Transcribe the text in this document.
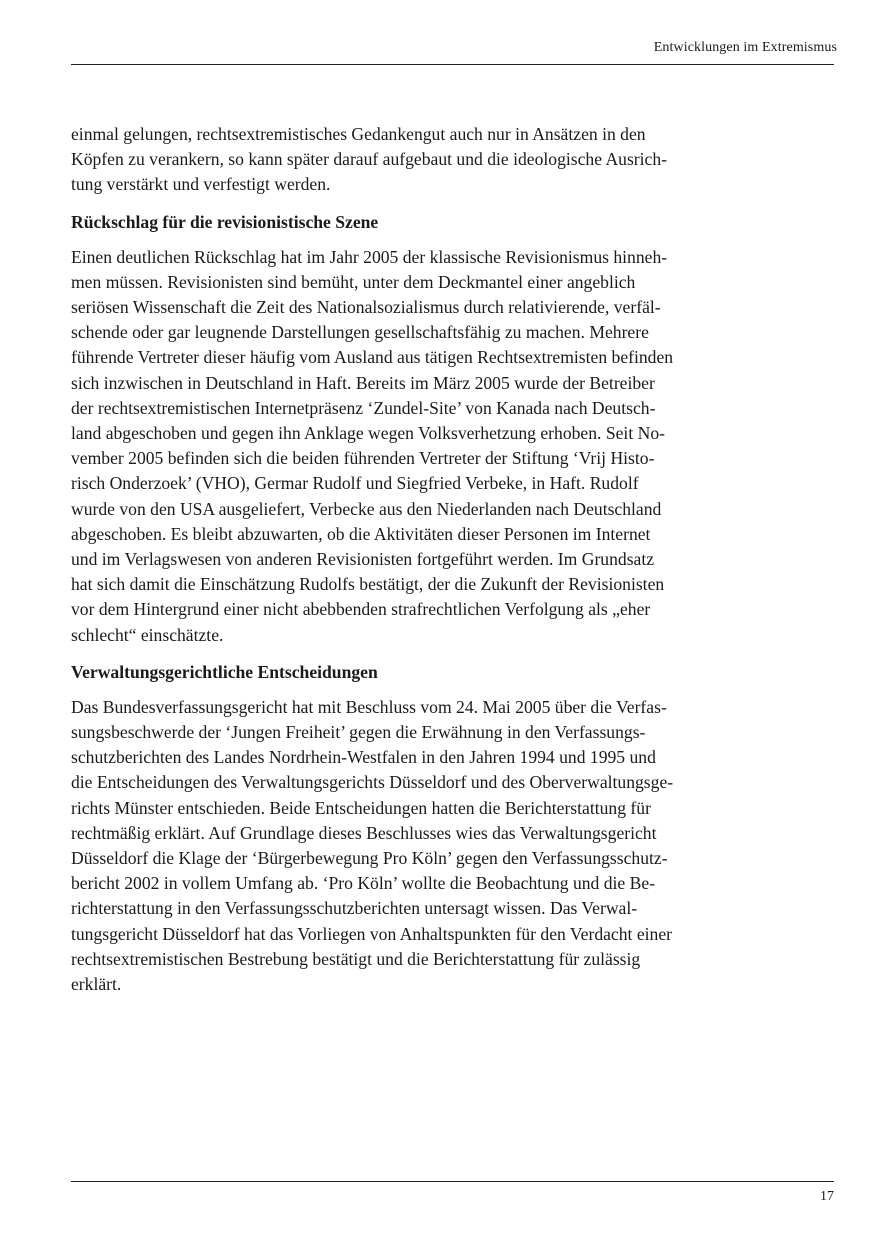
Entwicklungen im Extremismus

einmal gelungen, rechtsextremistisches Gedankengut auch nur in Ansätzen in den
Köpfen zu verankern, so kann später darauf aufgebaut und die ideologische Ausrich-
tung verstärkt und verfestigt werden.

Rückschlag für die revisionistische Szene

Einen deutlichen Rückschlag hat im Jahr 2005 der klassische Revisionismus hinneh-
men müssen. Revisionisten sind bemüht, unter dem Deckmantel einer angeblich
seriösen Wissenschaft die Zeit des Nationalsozialismus durch relativierende, verfäl-
schende oder gar leugnende Darstellungen gesellschaftsfähig zu machen. Mehrere
führende Vertreter dieser häufig vom Ausland aus tätigen Rechtsextremisten befinden
sich inzwischen in Deutschland in Haft. Bereits im März 2005 wurde der Betreiber
der rechtsextremistischen Internetpräsenz ‘Zundel-Site’ von Kanada nach Deutsch-
land abgeschoben und gegen ihn Anklage wegen Volksverhetzung erhoben. Seit No-
vember 2005 befinden sich die beiden führenden Vertreter der Stiftung ‘Vrij Histo-
risch Onderzoek’ (VHO), Germar Rudolf und Siegfried Verbeke, in Haft. Rudolf
wurde von den USA ausgeliefert, Verbecke aus den Niederlanden nach Deutschland
abgeschoben. Es bleibt abzuwarten, ob die Aktivitäten dieser Personen im Internet
und im Verlagswesen von anderen Revisionisten fortgeführt werden. Im Grundsatz
hat sich damit die Einschätzung Rudolfs bestätigt, der die Zukunft der Revisionisten
vor dem Hintergrund einer nicht abebbenden strafrechtlichen Verfolgung als „eher
schlecht“ einschätzte.

Verwaltungsgerichtliche Entscheidungen

Das Bundesverfassungsgericht hat mit Beschluss vom 24. Mai 2005 über die Verfas-
sungsbeschwerde der ‘Jungen Freiheit’ gegen die Erwähnung in den Verfassungs-
schutzberichten des Landes Nordrhein-Westfalen in den Jahren 1994 und 1995 und
die Entscheidungen des Verwaltungsgerichts Düsseldorf und des Oberverwaltungsge-
richts Münster entschieden. Beide Entscheidungen hatten die Berichterstattung für
rechtmäßig erklärt. Auf Grundlage dieses Beschlusses wies das Verwaltungsgericht
Düsseldorf die Klage der ‘Bürgerbewegung Pro Köln’ gegen den Verfassungsschutz-
bericht 2002 in vollem Umfang ab. ‘Pro Köln’ wollte die Beobachtung und die Be-
richterstattung in den Verfassungsschutzberichten untersagt wissen. Das Verwal-
tungsgericht Düsseldorf hat das Vorliegen von Anhaltspunkten für den Verdacht einer
rechtsextremistischen Bestrebung bestätigt und die Berichterstattung für zulässig
erklärt.

17
